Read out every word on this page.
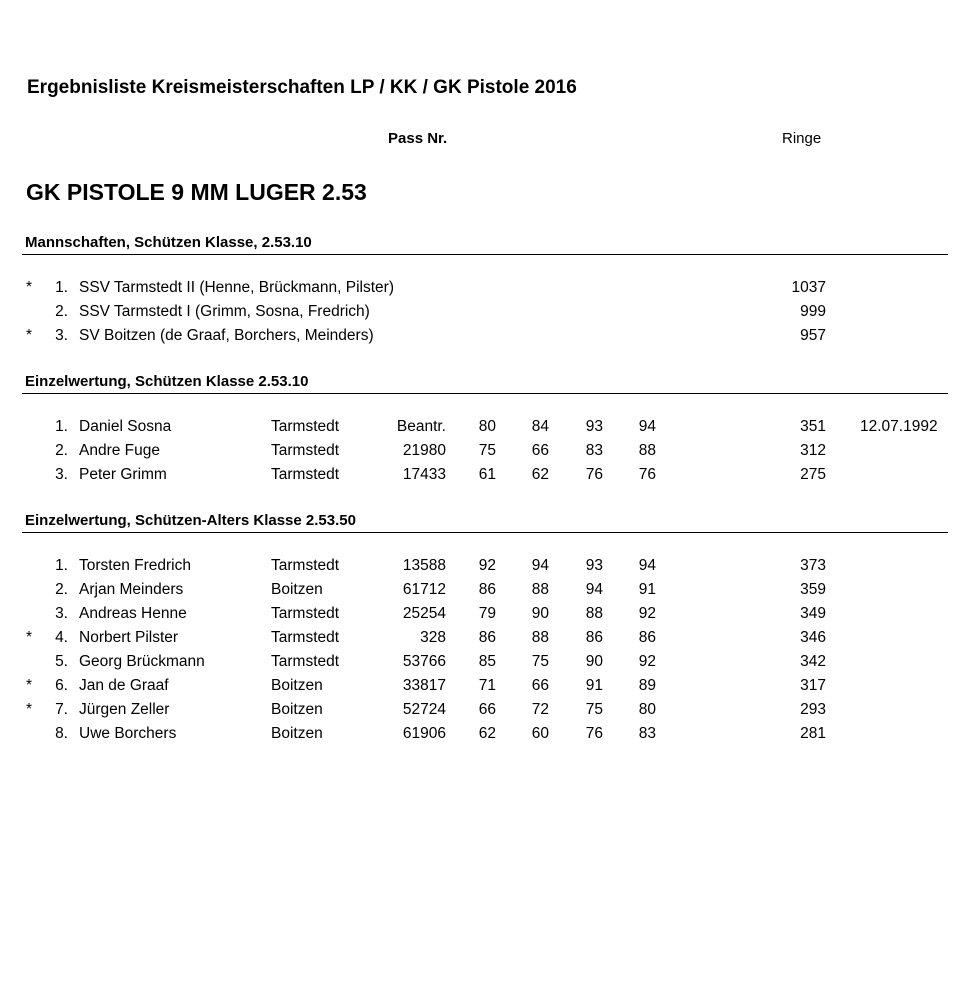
Ergebnisliste Kreismeisterschaften LP / KK / GK Pistole 2016
Pass Nr.	Ringe
GK PISTOLE 9 MM LUGER 2.53
Mannschaften, Schützen Klasse, 2.53.10
*	1. SSV Tarmstedt II (Henne, Brückmann, Pilster)	1037
2. SSV Tarmstedt I (Grimm, Sosna, Fredrich)	999
*	3. SV Boitzen (de Graaf, Borchers, Meinders)	957
Einzelwertung, Schützen Klasse 2.53.10
1. Daniel Sosna	Tarmstedt	Beantr.	80	84	93	94	351 12.07.1992
2. Andre Fuge	Tarmstedt	21980	75	66	83	88	312
3. Peter Grimm	Tarmstedt	17433	61	62	76	76	275
Einzelwertung, Schützen-Alters Klasse 2.53.50
1. Torsten Fredrich	Tarmstedt	13588	92	94	93	94	373
2. Arjan Meinders	Boitzen	61712	86	88	94	91	359
3. Andreas Henne	Tarmstedt	25254	79	90	88	92	349
*	4. Norbert Pilster	Tarmstedt	328	86	88	86	86	346
5. Georg Brückmann	Tarmstedt	53766	85	75	90	92	342
*	6. Jan de Graaf	Boitzen	33817	71	66	91	89	317
*	7. Jürgen Zeller	Boitzen	52724	66	72	75	80	293
8. Uwe Borchers	Boitzen	61906	62	60	76	83	281
